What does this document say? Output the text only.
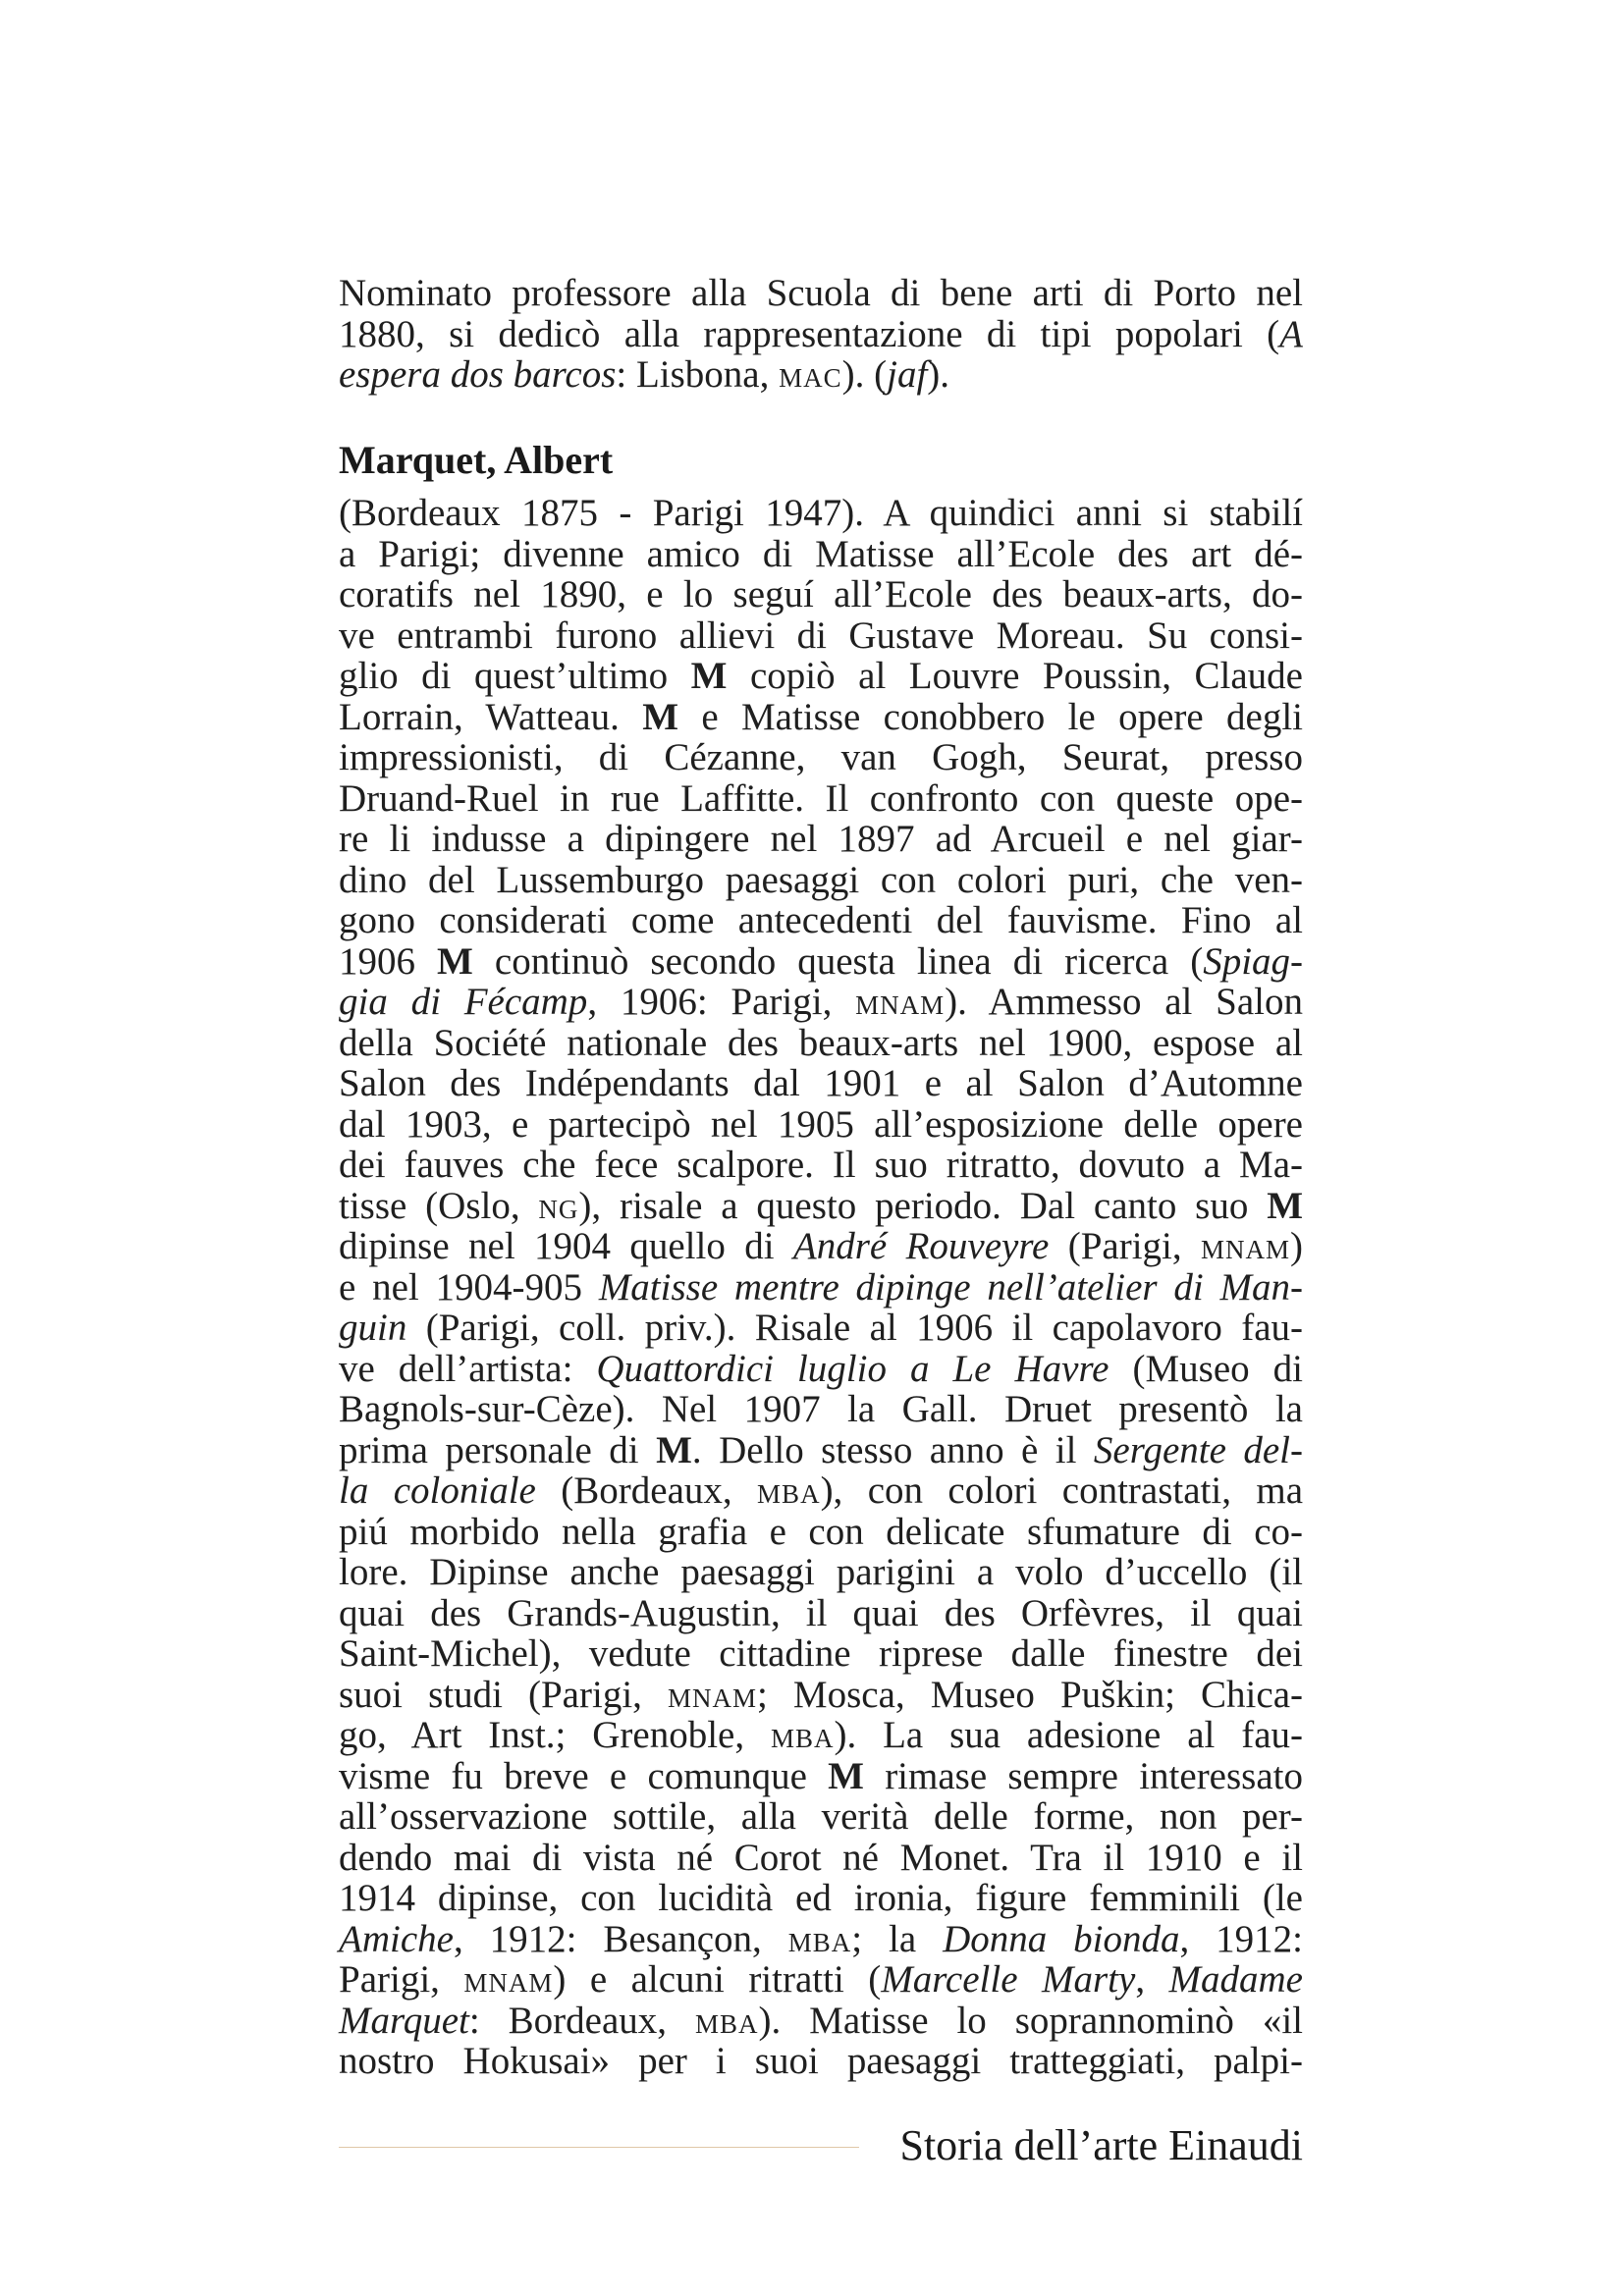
Nominato professore alla Scuola di bene arti di Porto nel
1880, si dedicò alla rappresentazione di tipi popolari (A
espera dos barcos: Lisbona, MAC). (jaf).
Marquet, Albert
(Bordeaux 1875 - Parigi 1947). A quindici anni si stabilí
a Parigi; divenne amico di Matisse all’Ecole des art dé-
coratifs nel 1890, e lo seguí all’Ecole des beaux-arts, do-
ve entrambi furono allievi di Gustave Moreau. Su consi-
glio di quest’ultimo M copiò al Louvre Poussin, Claude
Lorrain, Watteau. M e Matisse conobbero le opere degli
impressionisti, di Cézanne, van Gogh, Seurat, presso
Druand-Ruel in rue Laffitte. Il confronto con queste ope-
re li indusse a dipingere nel 1897 ad Arcueil e nel giar-
dino del Lussemburgo paesaggi con colori puri, che ven-
gono considerati come antecedenti del fauvisme. Fino al
1906 M continuò secondo questa linea di ricerca (Spiag-
gia di Fécamp, 1906: Parigi, MNAM). Ammesso al Salon
della Société nationale des beaux-arts nel 1900, espose al
Salon des Indépendants dal 1901 e al Salon d’Automne
dal 1903, e partecipò nel 1905 all’esposizione delle opere
dei fauves che fece scalpore. Il suo ritratto, dovuto a Ma-
tisse (Oslo, NG), risale a questo periodo. Dal canto suo M
dipinse nel 1904 quello di André Rouveyre (Parigi, MNAM)
e nel 1904-905 Matisse mentre dipinge nell’atelier di Man-
guin (Parigi, coll. priv.). Risale al 1906 il capolavoro fau-
ve dell’artista: Quattordici luglio a Le Havre (Museo di
Bagnols-sur-Cèze). Nel 1907 la Gall. Druet presentò la
prima personale di M. Dello stesso anno è il Sergente del-
la coloniale (Bordeaux, MBA), con colori contrastati, ma
piú morbido nella grafia e con delicate sfumature di co-
lore. Dipinse anche paesaggi parigini a volo d’uccello (il
quai des Grands-Augustin, il quai des Orfèvres, il quai
Saint-Michel), vedute cittadine riprese dalle finestre dei
suoi studi (Parigi, MNAM; Mosca, Museo Puškin; Chica-
go, Art Inst.; Grenoble, MBA). La sua adesione al fau-
visme fu breve e comunque M rimase sempre interessato
all’osservazione sottile, alla verità delle forme, non per-
dendo mai di vista né Corot né Monet. Tra il 1910 e il
1914 dipinse, con lucidità ed ironia, figure femminili (le
Amiche, 1912: Besançon, MBA; la Donna bionda, 1912:
Parigi, MNAM) e alcuni ritratti (Marcelle Marty, Madame
Marquet: Bordeaux, MBA). Matisse lo soprannominò «il
nostro Hokusai» per i suoi paesaggi tratteggiati, palpi-
Storia dell’arte Einaudi
